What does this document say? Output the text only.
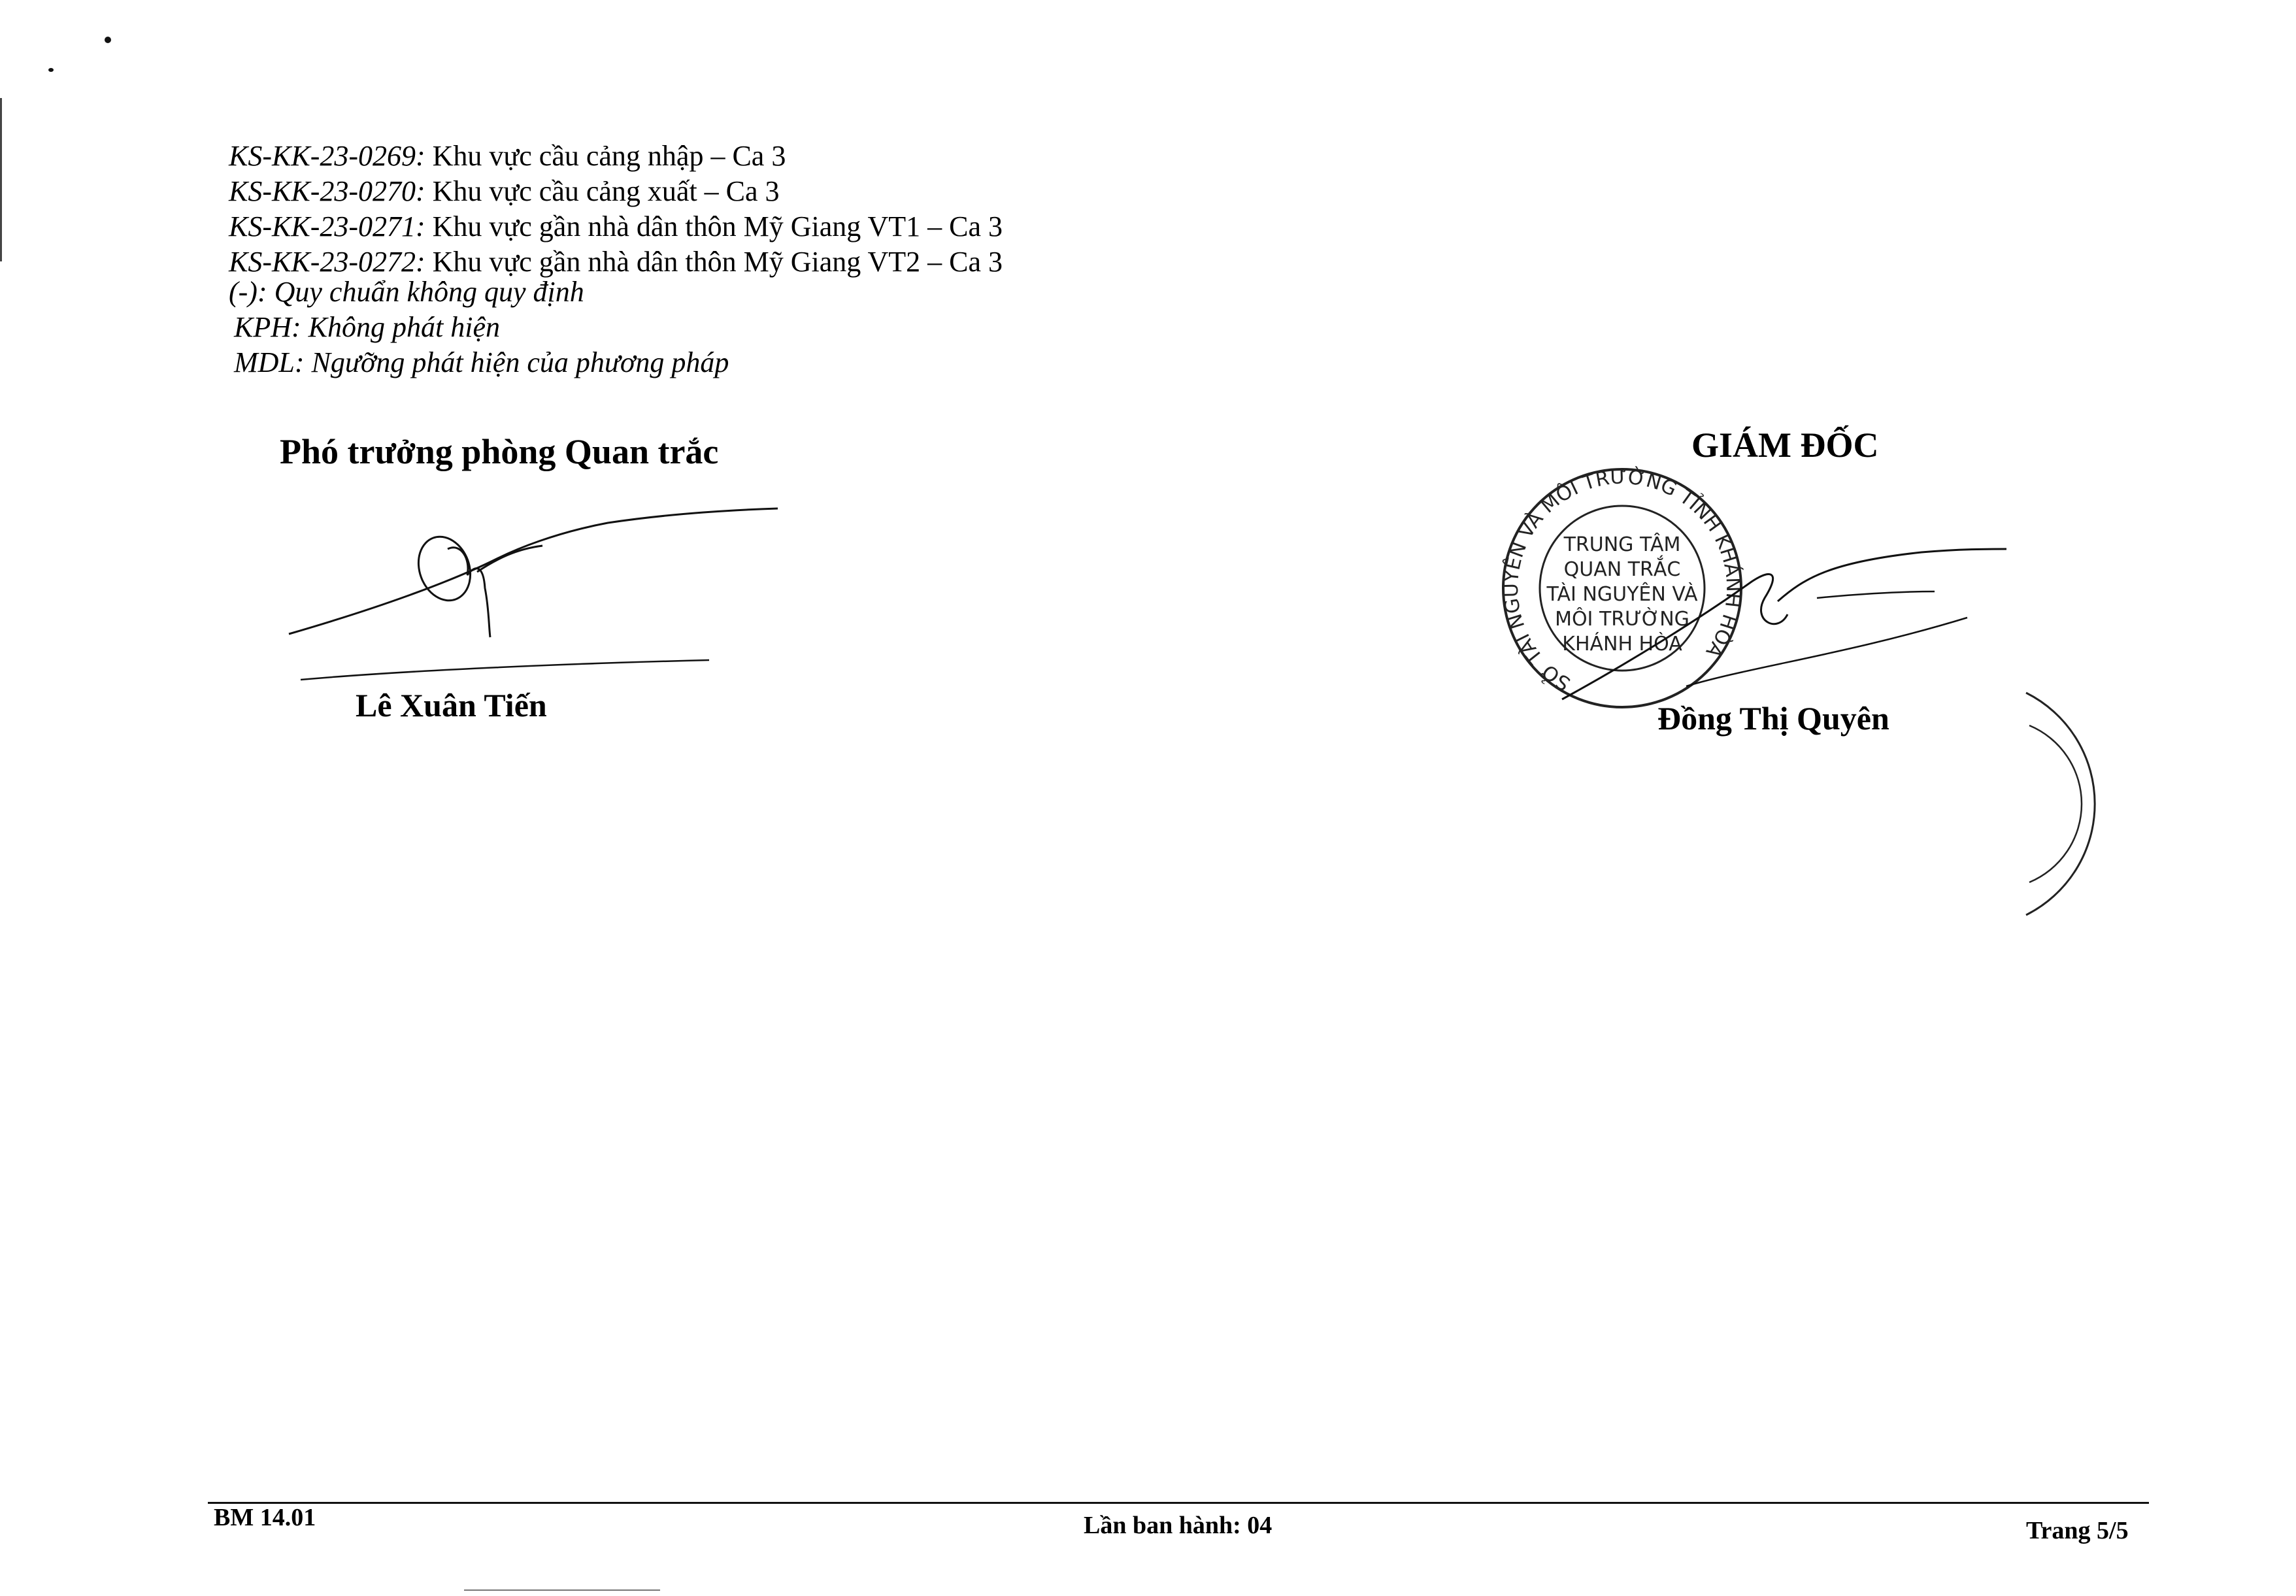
KS-KK-23-0269: Khu vực cầu cảng nhập – Ca 3
KS-KK-23-0270: Khu vực cầu cảng xuất – Ca 3
KS-KK-23-0271: Khu vực gần nhà dân thôn Mỹ Giang VT1 – Ca 3
KS-KK-23-0272: Khu vực gần nhà dân thôn Mỹ Giang VT2 – Ca 3
(-): Quy chuẩn không quy định
KPH: Không phát hiện
MDL: Ngưỡng phát hiện của phương pháp
Phó trưởng phòng Quan trắc
Lê Xuân Tiến
GIÁM ĐỐC
SỞ TÀI NGUYÊN VÀ MÔI TRƯỜNG TỈNH KHÁNH HÒA
TRUNG TÂM
QUAN TRẮC
TÀI NGUYÊN VÀ
MÔI TRƯỜNG
KHÁNH HÒA
Đồng Thị Quyên
BM 14.01	Lần ban hành: 04	Trang 5/5
